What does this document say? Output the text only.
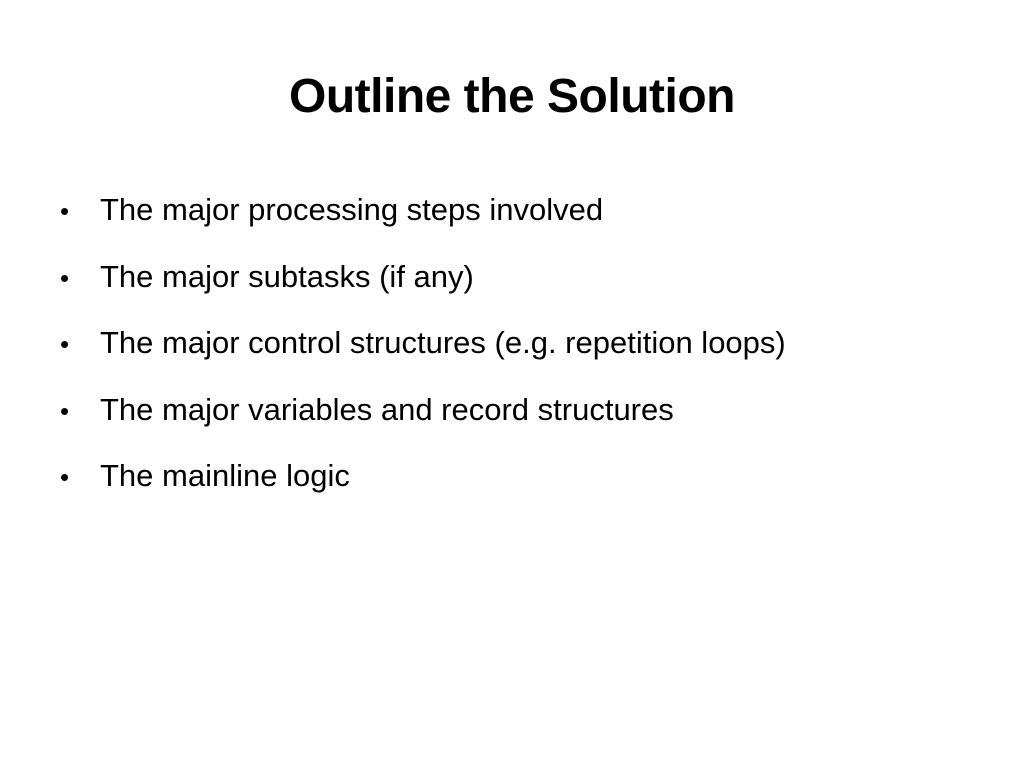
Outline the Solution
• The major processing steps involved
• The major subtasks (if any)
• The major control structures (e.g. repetition loops)
• The major variables and record structures
• The mainline logic
